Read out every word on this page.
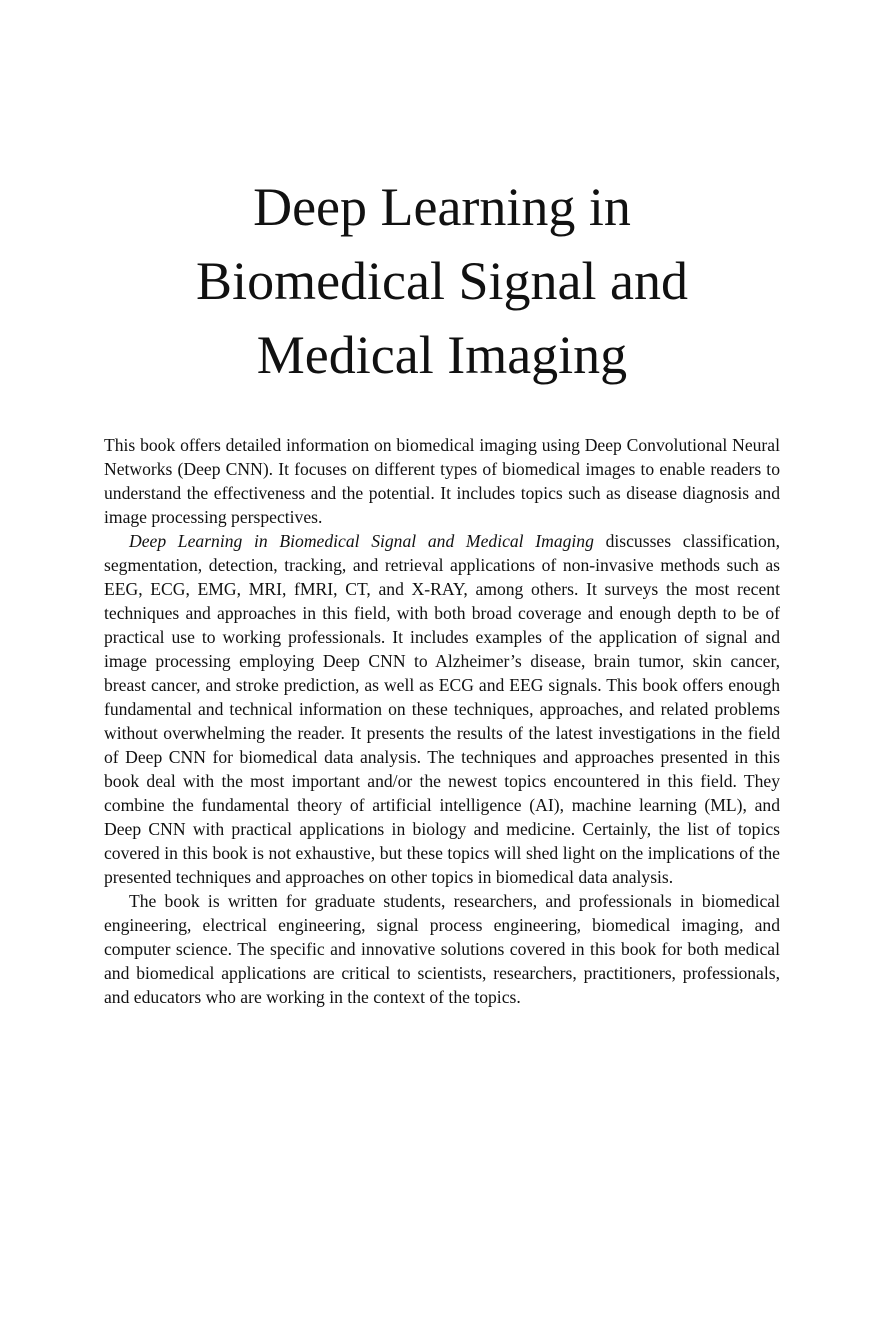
Deep Learning in
Biomedical Signal and
Medical Imaging

This book offers detailed information on biomedical imaging using Deep Convolutional Neural Networks (Deep CNN). It focuses on different types of biomedical images to enable readers to understand the effectiveness and the potential. It includes topics such as disease diagnosis and image processing perspectives.

Deep Learning in Biomedical Signal and Medical Imaging discusses classification, segmentation, detection, tracking, and retrieval applications of non-invasive methods such as EEG, ECG, EMG, MRI, fMRI, CT, and X-RAY, among others. It surveys the most recent techniques and approaches in this field, with both broad coverage and enough depth to be of practical use to working professionals. It includes examples of the application of signal and image processing employing Deep CNN to Alzheimer’s disease, brain tumor, skin cancer, breast cancer, and stroke prediction, as well as ECG and EEG signals. This book offers enough fundamental and technical information on these techniques, approaches, and related problems without overwhelming the reader. It presents the results of the latest investigations in the field of Deep CNN for biomedical data analysis. The techniques and approaches presented in this book deal with the most important and/or the newest topics encountered in this field. They combine the fundamental theory of artificial intelligence (AI), machine learning (ML), and Deep CNN with practical applications in biology and medicine. Certainly, the list of topics covered in this book is not exhaustive, but these topics will shed light on the implications of the presented techniques and approaches on other topics in biomedical data analysis.

The book is written for graduate students, researchers, and professionals in biomedical engineering, electrical engineering, signal process engineering, biomedical imaging, and computer science. The specific and innovative solutions covered in this book for both medical and biomedical applications are critical to scientists, researchers, practitioners, professionals, and educators who are working in the context of the topics.
